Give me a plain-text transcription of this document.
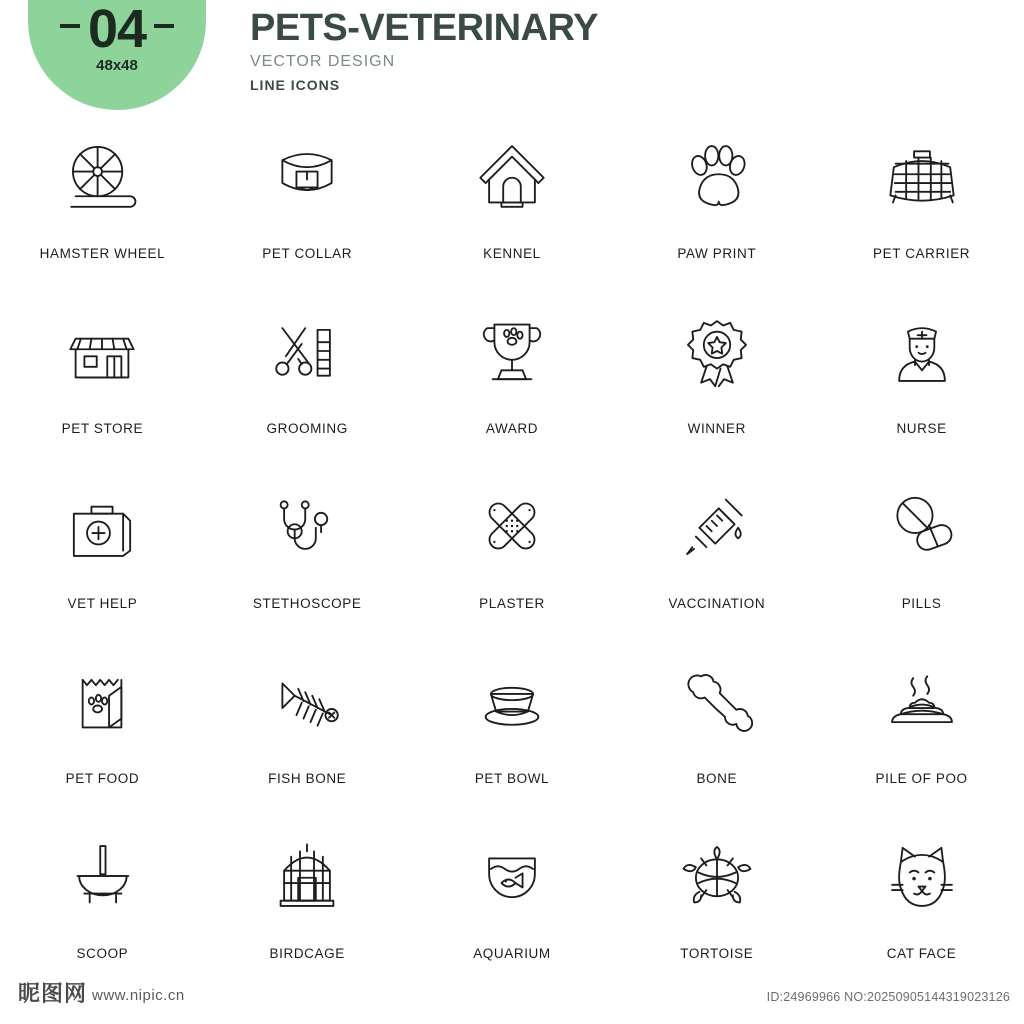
04
48x48
PETS-VETERINARY
VECTOR DESIGN
LINE ICONS
HAMSTER WHEEL	PET COLLAR	KENNEL	PAW PRINT	PET CARRIER
PET STORE	GROOMING	AWARD	WINNER	NURSE
VET HELP	STETHOSCOPE	PLASTER	VACCINATION	PILLS
PET FOOD	FISH BONE	PET BOWL	BONE	PILE OF POO
SCOOP	BIRDCAGE	AQUARIUM	TORTOISE	CAT FACE
昵图网 www.nipic.cn	ID:24969966 NO:20250905144319023126
